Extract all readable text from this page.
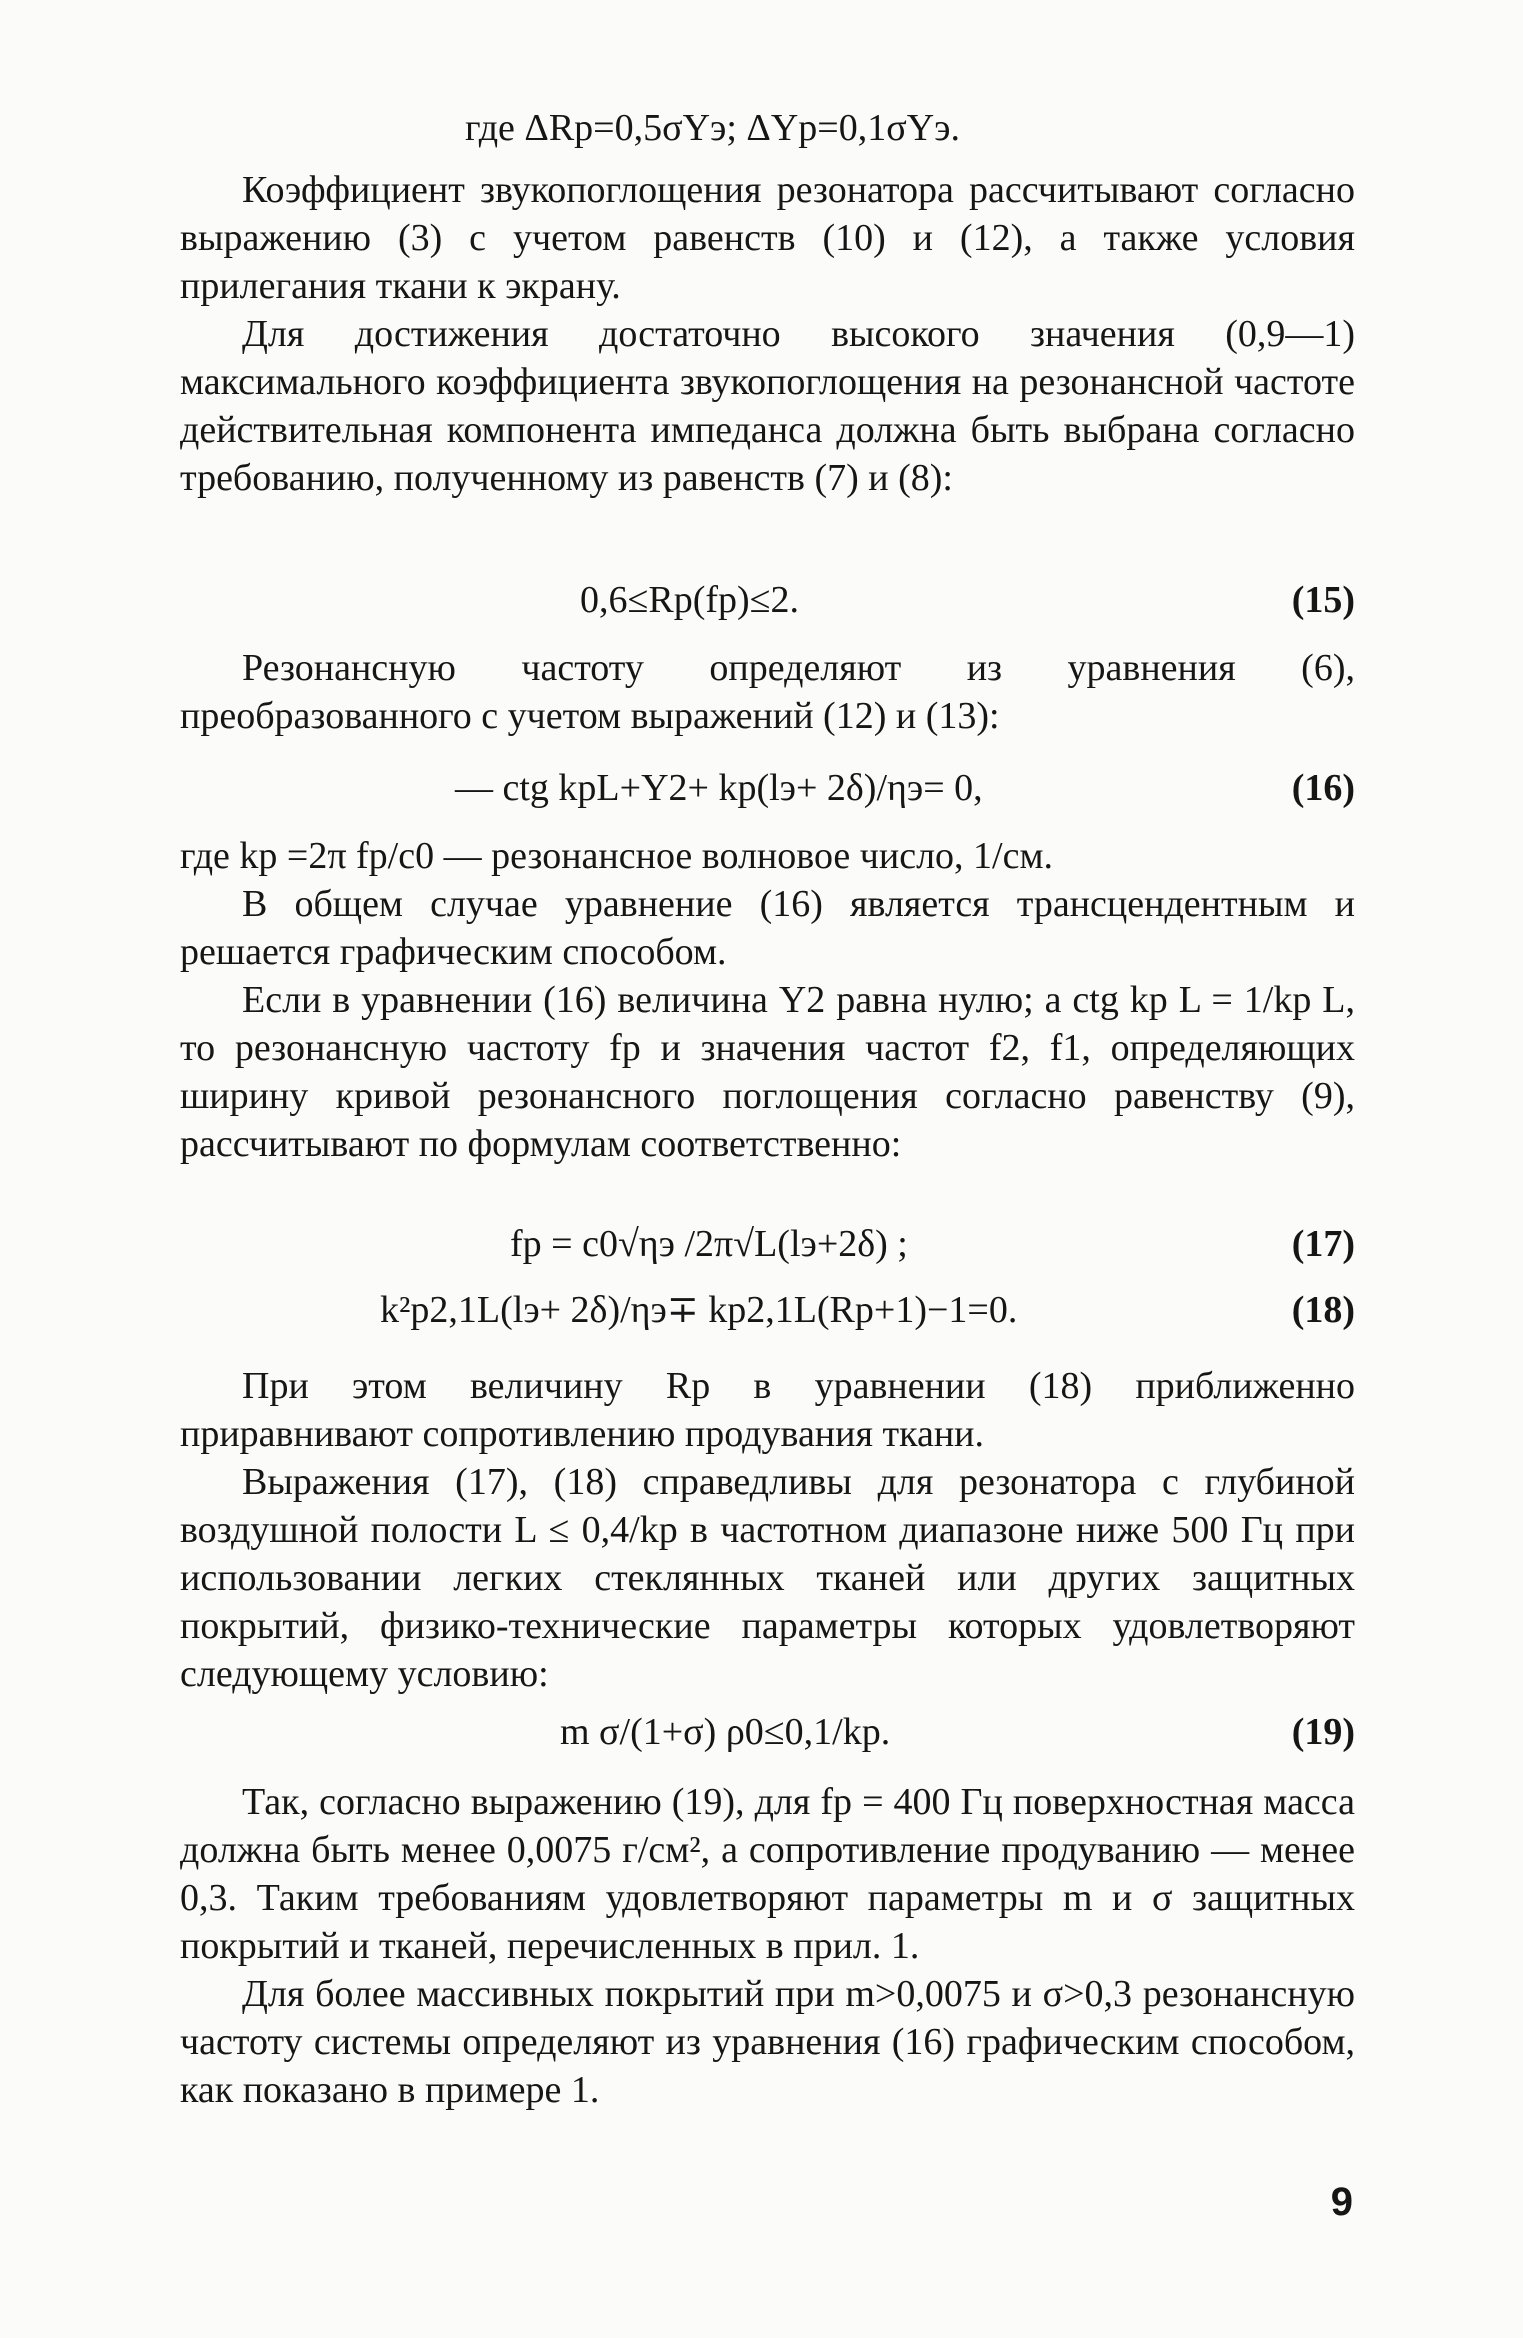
где ΔRр=0,5σYэ; ΔYр=0,1σYэ.

Коэффициент звукопоглощения резонатора рассчитывают согласно выражению (3) с учетом равенств (10) и (12), а также условия прилегания ткани к экрану.

Для достижения достаточно высокого значения (0,9—1) максимального коэффициента звукопоглощения на резонансной частоте действительная компонента импеданса должна быть выбрана согласно требованию, полученному из равенств (7) и (8):

0,6≤Rр(fр)≤2.	(15)

Резонансную частоту определяют из уравнения (6), преобразованного с учетом выражений (12) и (13):

— ctg kрL+Y2+ kр(lэ+ 2δ)/ηэ= 0,	(16)

где kр =2π fр/c0 — резонансное волновое число, 1/см.

В общем случае уравнение (16) является трансцендентным и решается графическим способом.

Если в уравнении (16) величина Y2 равна нулю; а ctg kр L = 1/kр L, то резонансную частоту fр и значения частот f2, f1, определяющих ширину кривой резонансного поглощения согласно равенству (9), рассчитывают по формулам соответственно:

fр = c0√ηэ /2π√L(lэ+2δ) ;	(17)
k²р2,1L(lэ+ 2δ)/ηэ∓ kр2,1L(Rр+1)−1=0.	(18)

При этом величину Rр в уравнении (18) приближенно приравнивают сопротивлению продувания ткани.

Выражения (17), (18) справедливы для резонатора с глубиной воздушной полости L ≤ 0,4/kр в частотном диапазоне ниже 500 Гц при использовании легких стеклянных тканей или других защитных покрытий, физико-технические параметры которых удовлетворяют следующему условию:

m σ/(1+σ) ρ0≤0,1/kр.	(19)

Так, согласно выражению (19), для fр = 400 Гц поверхностная масса должна быть менее 0,0075 г/см², а сопротивление продуванию — менее 0,3. Таким требованиям удовлетворяют параметры m и σ защитных покрытий и тканей, перечисленных в прил. 1.

Для более массивных покрытий при m>0,0075 и σ>0,3 резонансную частоту системы определяют из уравнения (16) графическим способом, как показано в примере 1.

9
